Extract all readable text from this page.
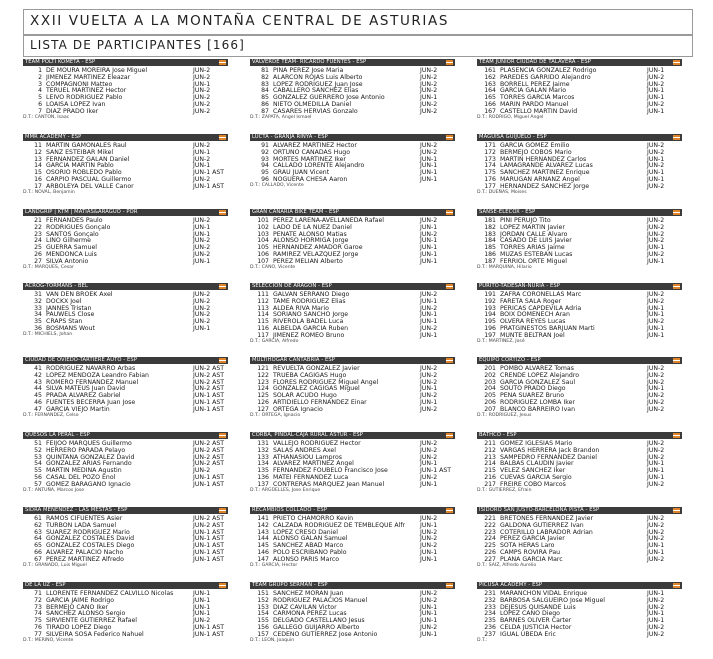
XXII VUELTA A LA MONTAÑA CENTRAL DE ASTURIAS
LISTA DE PARTICIPANTES [166]
TEAM POLTI KOMETA - ESP
1 DE MOURA MOREIRA Jose Miguel	JUN-2
2 JIMENEZ MARTINEZ Eleazar	JUN-2
3 COMPAGNONI Matteo	JUN-1
4 TERUEL MARTINEZ Hector	JUN-2
5 LEIVO RODRIGUEZ Pablo	JUN-2
6 LOAISA LOPEZ Ivan	JUN-2
7 DIAZ PRADO Iker	JUN-2
D.T.: CANTON, Isaac
VALVERDE TEAM- RICARDO FUENTES - ESP
81 PINA PEREZ Jose Maria	JUN-2
82 ALARCON ROJAS Luis Alberto	JUN-2
83 LOPEZ RODRIGUEZ Juan Jose	JUN-2
84 CABALLERO SANCHEZ Elias	JUN-2
85 GONZALEZ GUERRERO Jose Antonio	JUN-1
86 NIETO OLMEDILLA Daniel	JUN-2
87 CASARES HERVIAS Gonzalo	JUN-2
D.T.: ZAPATA, Angel Ismael
TEAM JUNIOR CIUDAD DE TALAVERA - ESP
161 PLASENCIA GONZALEZ Rodrigo	JUN-1
162 PAREDES GARRIDO Alejandro	JUN-2
163 BORRELL PEREZ Jaime	JUN-2
164 GARCIA GALAN Mario	JUN-1
165 TORRES GARCIA Marcos	JUN-1
166 MARIN PARDO Manuel	JUN-2
167 CASTELLO MARTIN David	JUN-1
D.T.: RODRIGO, Miguel Angel
MMR ACADEMY - ESP
11 MARTIN GAMONALES Raul	JUN-2
12 SANZ ESTEIBAR Mikel	JUN-1
13 FERNANDEZ GALAN Daniel	JUN-2
14 GARCIA MARTIN Pablo	JUN-1
15 OSORIO ROBLEDO Pablo	JUN-1 AST
16 CARPIO PASCUAL Guillermo	JUN-2
17 ARBOLEYA DEL VALLE Canor	JUN-1 AST
D.T.: NOVAL, Benjamin
LUCTA - GRANJA RINYA - ESP
91 ALVAREZ MARTINEZ Hector	JUN-2
92 ORTUÑO CAÑADAS Hugo	JUN-2
93 MORTES MARTINEZ Iker	JUN-1
94 CALLADO LORENTE Alejandro	JUN-1
95 GRAU JUAN Vicent	JUN-1
96 NOGUERA CHESA Aaron	JUN-1
D.T.: CALLADO, Vicente
MAGUISA GUIJUELO - ESP
171 GARCIA GOMEZ Emilio	JUN-2
172 BERMEJO COBOS Mario	JUN-2
173 MARTIN HERNANDEZ Carlos	JUN-1
174 LAMAGRANDE ALVAREZ Lucas	JUN-2
175 SANCHEZ MARTINEZ Enrique	JUN-1
176 MARUGAN ARNANZ Angel	JUN-1
177 HERNANDEZ SANCHEZ Jorge	JUN-2
D.T.: DUEÑAS, Moises
LANDGRIP | KTM | MATIAS&ARAGÜO - POR
21 FERNANDES Paulo	JUN-2
22 RODRIGUES Gonçalo	JUN-1
23 SANTOS Gonçalo	JUN-1
24 LINO Gilherme	JUN-2
25 GUERRA Samuel	JUN-2
26 MENDONCA Luis	JUN-2
27 SILVA Antonio	JUN-1
D.T.: MARQUES, Cesar
GRAN CANARIA BIKE TEAM - ESP
101 PEREZ LARENA-AVELLANEDA Rafael	JUN-2
102 LADO DE LA NUEZ Daniel	JUN-1
103 PEÑATE ALONSO Matias	JUN-2
104 ALONSO HORMIGA Jorge	JUN-1
105 HERNANDEZ AMADOR Garoe	JUN-1
106 RAMIREZ VELAZQUEZ Jorge	JUN-1
107 PEREZ MELIAN Alberto	JUN-1
D.T.: CANO, Vicente
SANSE-ELECOX - ESP
181 PINI PERUJO Tito	JUN-2
182 LOPEZ MARTIN Javier	JUN-2
183 JORDAN CALLE Alvaro	JUN-2
184 CASADO DE LUIS Javier	JUN-2
185 TORRES ARIAS Jaime	JUN-1
186 MUZAS ESTEBAN Lucas	JUN-2
187 FERRIOL ORTE Miguel	JUN-1
D.T.: MARQUINA, Hilario
ACROG-TORMANS - BEL
31 VAN DEN BROEK Axel	JUN-2
32 DOCKX Joel	JUN-2
33 JANNES Tristan	JUN-2
34 PAUWELS Close	JUN-2
35 CRAPS Stan	JUN-2
36 BOSMANS Wout	JUN-1
D.T.: MICHIELS, Johan
SELECCIÓN DE ARAGÓN - ESP
111 GALVAN SERRANO Diego	JUN-2
112 TAME RODRIGUEZ Elias	JUN-1
113 ALDEA RIVA Mario	JUN-2
114 SORIANO SANCHO Jorge	JUN-1
115 RIVEROLA BADEL Luca	JUN-1
116 ALBELDA GARCIA Ruben	JUN-2
117 JIMENEZ ROMEO Bruno	JUN-1
D.T.: GARCIA, Alfredo
PURITO-TADESAN-NURIA - ESP
191 ZAFRA CORONELLAS Marc	JUN-2
192 FARETA SALA Roger	JUN-2
193 PERICAS CAPDEVILA Adria	JUN-1
194 BOIX DOMENECH Aran	JUN-1
195 OLVERA REYES Lucas	JUN-2
196 PRATGINESTOS BARJUAN Marti	JUN-1
197 MUNTE BELTRAN Joel	JUN-1
D.T.: MARTINEZ, José
CIUDAD DE OVIEDO-TARTIERE AUTO - ESP
41 RODRIGUEZ NAVARRO Arbas	JUN-2 AST
42 LOPEZ MENDOZA Leandro Fabian	JUN-2 AST
43 ROMERO FERNANDEZ Manuel	JUN-2 AST
44 SILVA MATEUS Juan David	JUN-2 AST
45 PRADA ALVAREZ Gabriel	JUN-1 AST
46 FUENTES BECERRA Juan Jose	JUN-1 AST
47 GARCIA VIEJO Martin	JUN-1 AST
D.T.: FERNANDEZ, Celso
MULTIHOGAR CANTABRIA - ESP
121 REVUELTA GONZALEZ Javier	JUN-2
122 TRUEBA CAGIGAS Hugo	JUN-2
123 FLORES RODRIGUEZ Miguel Angel	JUN-2
124 GONZALEZ CAGIGAS Miguel	JUN-1
125 SOLAR ACUDO Hugo	JUN-2
126 ARTIDIELLO FERNANDEZ Einar	JUN-1
127 ORTEGA Ignacio	JUN-2
D.T.: ORTEGA, Ignacio
EQUIPO CORTIZO - ESP
201 POMBO ALVAREZ Tomas	JUN-2
202 CRENDE LOPEZ Alejandro	JUN-2
203 GARCIA GONZALEZ Saul	JUN-2
204 SOUTO PRADO Diego	JUN-1
205 PENA SUAREZ Bruno	JUN-2
206 RODRIGUEZ LOMBA Iker	JUN-2
207 BLANCO BARREIRO Ivan	JUN-2
D.T.: RODRIGUEZ, Jesus
QUESOS LA PERAL - ESP
51 FEIJOO MARQUES Guillermo	JUN-2 AST
52 HERRERO PARADA Pelayo	JUN-2 AST
53 QUINTANA GONZALEZ David	JUN-2 AST
54 GONZALEZ ARIAS Fernando	JUN-2 AST
55 MARTIN MEDINA Agustin	JUN-2
56 CASAL DEL POZO Enol	JUN-1 AST
57 GOMEZ BARAGAÑO Ignacio	JUN-1 AST
D.T.: ANTUÑA, Marcos Jose
CORBA, PINDAL-CAJA RURAL ASTUR - ESP
131 VALLEJO RODRIGUEZ Hector	JUN-2
132 SALAS ANDRES Axel	JUN-2
133 ATHANASIOU Lampros	JUN-2
134 ALVAREZ MARTINEZ Angel	JUN-1
135 FERNANDEZ FOUBELO Francisco Jose	JUN-1 AST
136 MATEI FERNANDEZ Luca	JUN-2
137 CONTRERAS MARQUEZ Jean Manuel	JUN-1
D.T.: ARGÜELLES, Jose Enrique
BATHCO - ESP
211 GOMEZ IGLESIAS Mario	JUN-2
212 VARGAS HERRERA Jack Brandon	JUN-2
213 SAMPEDRO FERNANDEZ Daniel	JUN-2
214 BALBAS CLAUDIN Javier	JUN-1
215 VELEZ SANCHEZ Iker	JUN-1
216 CUEVAS GARCIA Sergio	JUN-1
217 FREIRE COBO Marcos	JUN-2
D.T.: GUTIERREZ, Efrain
SIDRA MENENDEZ - LAS MESTAS - ESP
61 RAMOS CIFUENTES Asier	JUN-2 AST
62 TURBON LADA Samuel	JUN-2 AST
63 SUAREZ RODRIGUEZ Mario	JUN-1 AST
64 GONZALEZ COSTALES David	JUN-1 AST
65 GONZALEZ COSTALES Diego	JUN-1 AST
66 ALVAREZ PALACIO Nacho	JUN-1 AST
67 PEREZ MARTINEZ Alfredo	JUN-1 AST
D.T.: GRANADO, Luis Miguel
RECAMBIOS COLLADO - ESP
141 PRIETO CHAMORRO Kevin	JUN-2
142 CALZADA RODRIGUEZ DE TEMBLEQUE Alfr	JUN-1
143 LOPEZ CRESO Daniel	JUN-2
144 ALONSO GALAN Samuel	JUN-2
145 SANCHEZ ABAD Marco	JUN-2
146 POLO ESCRIBANO Pablo	JUN-1
147 ALONSO PARIS Marco	JUN-1
D.T.: GARCIA, Hector
ISIDORO SAN JUSTO-BARCELONA PISTA - ESP
221 BRETONES FERNANDEZ Javier	JUN-2
222 GALDONA GUTIERREZ Ivan	JUN-2
223 COTERILLO LABRADOR Adrian	JUN-2
224 PEREZ GARCIA Javier	JUN-2
225 SOTA HERAS Laro	JUN-1
226 CAMPS ROVIRA Pau	JUN-1
227 PLANA GARCIA Marc	JUN-2
D.T.: SAIZ, Alfredo Aurelio
DE LA UZ - ESP
71 LLORENTE FERNANDEZ CALVILLO Nicolas	JUN-1
72 GARCIA JAIME Rodrigo	JUN-1
73 BERMEJO CANO Iker	JUN-1
74 SANCHEZ ALONSO Sergio	JUN-1
75 SIRVIENTE GUTIERREZ Rafael	JUN-2
76 TIRADO LOPEZ Diego	JUN-1 AST
77 SILVEIRA SOSA Federico Nahuel	JUN-1 AST
D.T.: MERINO, Vicente
TEAM GRUPO SERMAN - ESP
151 SANCHEZ MORAN Juan	JUN-2
152 RODRIGUEZ PALACIOS Manuel	JUN-2
153 DIAZ CAVILAN Victor	JUN-1
154 CARMONA PEREZ Lucas	JUN-1
155 DELGADO CASTELLANO Jesus	JUN-1
156 GALLEGO GUIJARRO Alberto	JUN-2
157 CEDEÑO GUTIERREZ Jose Antonio	JUN-1
D.T.: LEON, Joaquin
PICUSA ACADEMY - ESP
231 MARANCHON VIDAL Enrique	JUN-1
232 BARBOSA SALGUEIRO Jose Miguel	JUN-2
233 DEJESUS QUISANDE Luis	JUN-2
234 LOPEZ CANO Diego	JUN-1
235 BARNES OLIVER Carter	JUN-1
236 CELDA JUSTICIA Hector	JUN-2
237 IGUAL UBEDA Eric	JUN-2
D.T.:
